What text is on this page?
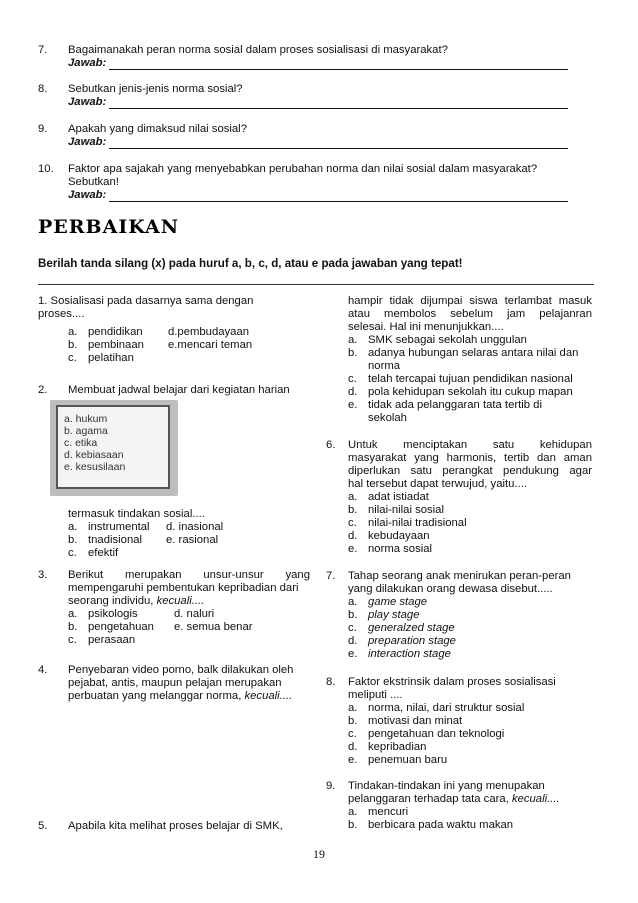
7. Bagaimanakah peran norma sosial dalam proses sosialisasi di masyarakat?
Jawab:
8. Sebutkan jenis-jenis norma sosial?
Jawab:
9. Apakah yang dimaksud nilai sosial?
Jawab:
10. Faktor apa sajakah yang menyebabkan perubahan norma dan nilai sosial dalam masyarakat?
Sebutkan!
Jawab:
PERBAIKAN
Berilah tanda silang (x) pada huruf a, b, c, d, atau e pada jawaban yang tepat!
1. Sosialisasi pada dasarnya sama dengan
proses....
a. pendidikan	d.pembudayaan
b. pembinaan	e.mencari teman
c. pelatihan
2.	Membuat jadwal belajar dari kegiatan harian
a. hukum
b. agama
c. etika
d. kebiasaan
e. kesusilaan
termasuk tindakan sosial....
a. instrumental	d. inasional
b. tnadisional	e. rasional
c. efektif
3. Berikut merupakan unsur-unsur yang
mempengaruhi pembentukan kepribadian dari
seorang individu, kecuali....
a. psikologis	d. naluri
b. pengetahuan	e. semua benar
c. perasaan
4. Penyebaran video porno, balk dilakukan oleh
pejabat, antis, maupun pelajan merupakan
perbuatan yang melanggar norma, kecuali....
5.	Apabila kita melihat proses belajar di SMK,
hampir tidak dijumpai siswa terlambat masuk
atau membolos sebelum jam pelajanran
selesai. Hal ini menunjukkan....
a. SMK sebagai sekolah unggulan
b. adanya hubungan selaras antara nilai dan
norma
c. telah tercapai tujuan pendidikan nasional
d. pola kehidupan sekolah itu cukup mapan
e. tidak ada pelanggaran tata tertib di
sekolah
6. Untuk menciptakan satu kehidupan
masyarakat yang harmonis, tertib dan aman
diperlukan satu perangkat pendukung agar
hal tersebut dapat terwujud, yaitu....
a. adat istiadat
b. nilai-nilai sosial
c. nilai-nilai tradisional
d. kebudayaan
e. norma sosial
7. Tahap seorang anak menirukan peran-peran
yang dilakukan orang dewasa disebut.....
a. game stage
b. play stage
c. generalzed stage
d. preparation stage
e. interaction stage
8. Faktor ekstrinsik dalam proses sosialisasi
meliputi ....
a. norma, nilai, dari struktur sosial
b. motivasi dan minat
c. pengetahuan dan teknologi
d. kepribadian
e. penemuan baru
9. Tindakan-tindakan ini yang menupakan
pelanggaran terhadap tata cara, kecuali....
a. mencuri
b. berbicara pada waktu makan
19
